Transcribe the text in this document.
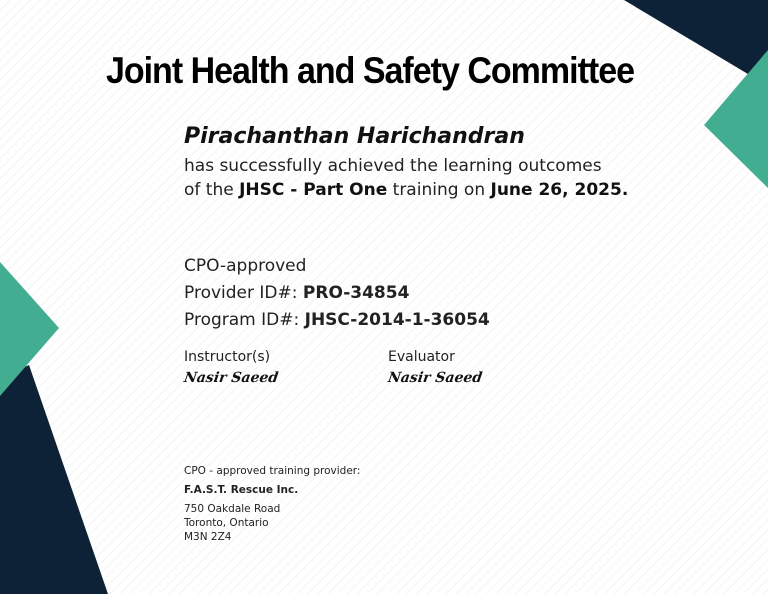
Joint Health and Safety Committee
Pirachanthan Harichandran
has successfully achieved the learning outcomes
of the JHSC - Part One training on June 26, 2025.
CPO-approved
Provider ID#: PRO-34854
Program ID#: JHSC-2014-1-36054
Instructor(s)
Nasir Saeed
Evaluator
Nasir Saeed
CPO - approved training provider:
F.A.S.T. Rescue Inc.
750 Oakdale Road
Toronto, Ontario
M3N 2Z4
